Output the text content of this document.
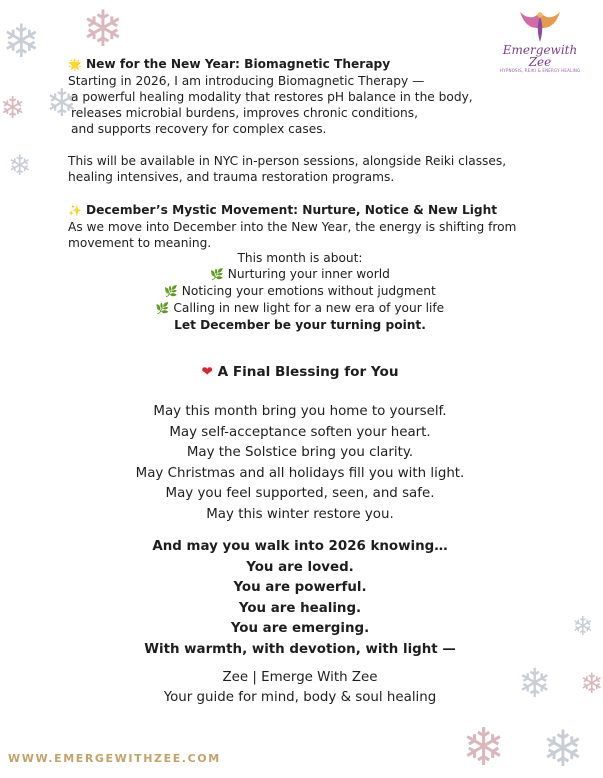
❄
❄
❄ ❄
❄
❄
❄ ❄
❄ ❄
Emergewith Zee
HYPNOSIS, REIKI & ENERGY HEALING

🌟 New for the New Year: Biomagnetic Therapy

Starting in 2026, I am introducing Biomagnetic Therapy —

a powerful healing modality that restores pH balance in the body,

releases microbial burdens, improves chronic conditions,

and supports recovery for complex cases.

This will be available in NYC in-person sessions, alongside Reiki classes,

healing intensives, and trauma restoration programs.

✨ December’s Mystic Movement: Nurture, Notice & New Light

As we move into December into the New Year, the energy is shifting from

movement to meaning.

This month is about:
🌿 Nurturing your inner world
🌿 Noticing your emotions without judgment
🌿 Calling in new light for a new era of your life
Let December be your turning point.
❤ A Final Blessing for You
May this month bring you home to yourself.
May self-acceptance soften your heart.
May the Solstice bring you clarity.
May Christmas and all holidays fill you with light.
May you feel supported, seen, and safe.
May this winter restore you.
And may you walk into 2026 knowing…
You are loved.
You are powerful.
You are healing.
You are emerging.
With warmth, with devotion, with light —
Zee | Emerge With Zee
Your guide for mind, body & soul healing
WWW.EMERGEWITHZEE.COM
